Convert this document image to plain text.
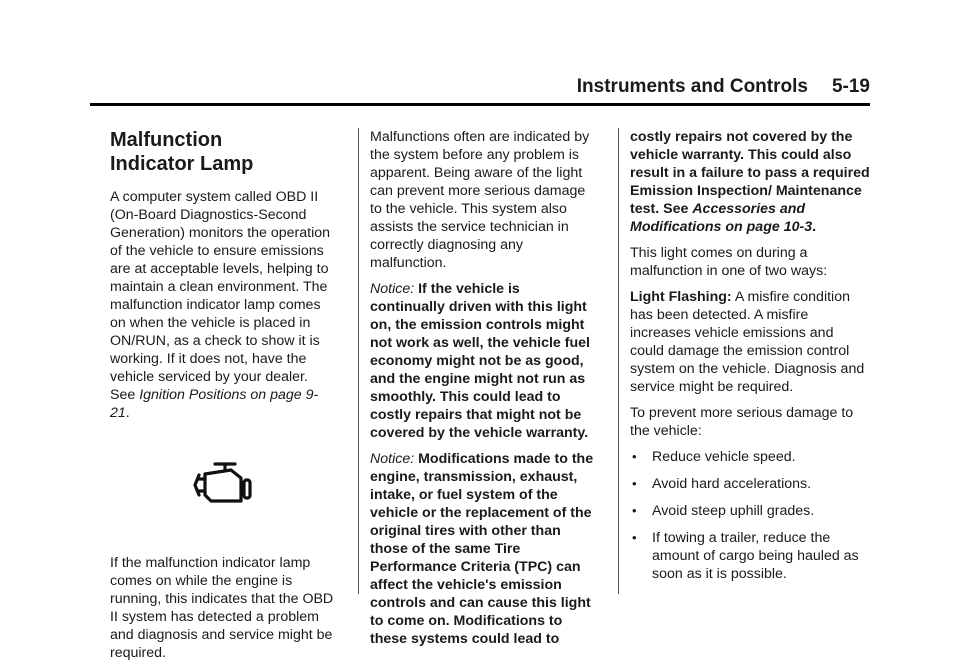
Instruments and Controls 5-19
Malfunction
Indicator Lamp

A computer system called OBD II (On-Board Diagnostics-Second Generation) monitors the operation of the vehicle to ensure emissions are at acceptable levels, helping to maintain a clean environment. The malfunction indicator lamp comes on when the vehicle is placed in ON/RUN, as a check to show it is working. If it does not, have the vehicle serviced by your dealer. See Ignition Positions on page 9-21.

If the malfunction indicator lamp comes on while the engine is running, this indicates that the OBD II system has detected a problem and diagnosis and service might be required.

Malfunctions often are indicated by the system before any problem is apparent. Being aware of the light can prevent more serious damage to the vehicle. This system also assists the service technician in correctly diagnosing any malfunction.

Notice: If the vehicle is continually driven with this light on, the emission controls might not work as well, the vehicle fuel economy might not be as good, and the engine might not run as smoothly. This could lead to costly repairs that might not be covered by the vehicle warranty.

Notice: Modifications made to the engine, transmission, exhaust, intake, or fuel system of the vehicle or the replacement of the original tires with other than those of the same Tire Performance Criteria (TPC) can affect the vehicle's emission controls and can cause this light to come on. Modifications to these systems could lead to

costly repairs not covered by the vehicle warranty. This could also result in a failure to pass a required Emission Inspection/ Maintenance test. See Accessories and Modifications on page 10-3.

This light comes on during a malfunction in one of two ways:

Light Flashing: A misfire condition has been detected. A misfire increases vehicle emissions and could damage the emission control system on the vehicle. Diagnosis and service might be required.

To prevent more serious damage to the vehicle:

• Reduce vehicle speed.
• Avoid hard accelerations.
• Avoid steep uphill grades.
• If towing a trailer, reduce the amount of cargo being hauled as soon as it is possible.
